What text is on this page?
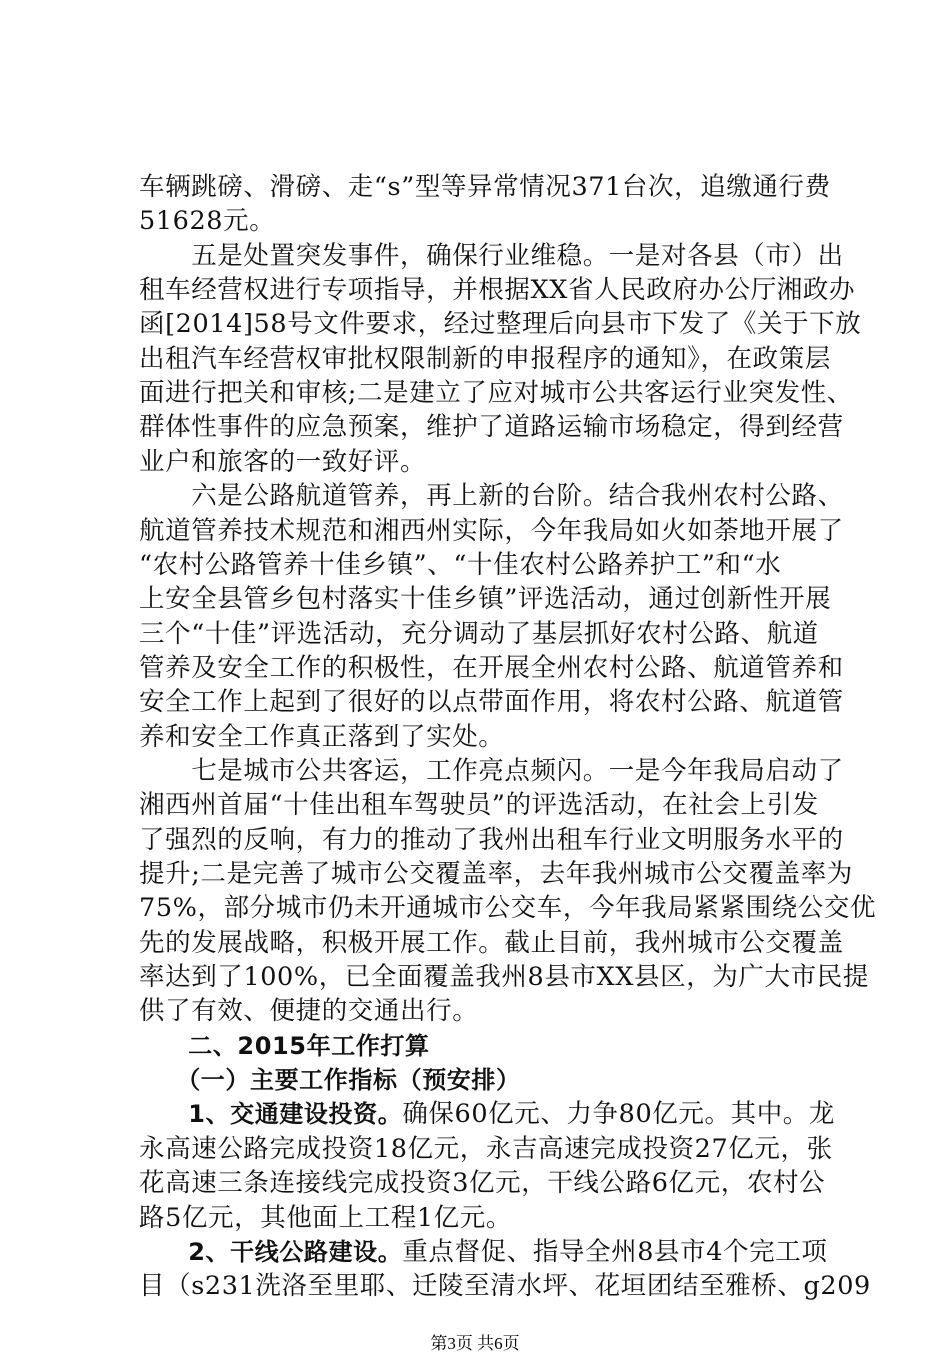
车辆跳磅、滑磅、走“s”型等异常情况371台次，追缴通行费
51628元。
　　五是处置突发事件，确保行业维稳。一是对各县（市）出
租车经营权进行专项指导，并根据XX省人民政府办公厅湘政办
函[2014]58号文件要求，经过整理后向县市下发了《关于下放
出租汽车经营权审批权限制新的申报程序的通知》，在政策层
面进行把关和审核;二是建立了应对城市公共客运行业突发性、
群体性事件的应急预案，维护了道路运输市场稳定，得到经营
业户和旅客的一致好评。
　　六是公路航道管养，再上新的台阶。结合我州农村公路、
航道管养技术规范和湘西州实际，今年我局如火如荼地开展了
“农村公路管养十佳乡镇”、“十佳农村公路养护工”和“水
上安全县管乡包村落实十佳乡镇”评选活动，通过创新性开展
三个“十佳”评选活动，充分调动了基层抓好农村公路、航道
管养及安全工作的积极性，在开展全州农村公路、航道管养和
安全工作上起到了很好的以点带面作用，将农村公路、航道管
养和安全工作真正落到了实处。
　　七是城市公共客运，工作亮点频闪。一是今年我局启动了
湘西州首届“十佳出租车驾驶员”的评选活动，在社会上引发
了强烈的反响，有力的推动了我州出租车行业文明服务水平的
提升;二是完善了城市公交覆盖率，去年我州城市公交覆盖率为
75%，部分城市仍未开通城市公交车，今年我局紧紧围绕公交优
先的发展战略，积极开展工作。截止目前，我州城市公交覆盖
率达到了100%，已全面覆盖我州8县市XX县区，为广大市民提
供了有效、便捷的交通出行。
　　二、2015年工作打算
　　（一）主要工作指标（预安排）
　　1、交通建设投资。确保60亿元、力争80亿元。其中。龙
永高速公路完成投资18亿元，永吉高速完成投资27亿元，张
花高速三条连接线完成投资3亿元，干线公路6亿元，农村公
路5亿元，其他面上工程1亿元。
目（s231洗洛至里耶、迁陵至清水坪、花垣团结至雅桥、g209
　　2、干线公路建设。重点督促、指导全州8县市4个完工项
第3页 共6页
